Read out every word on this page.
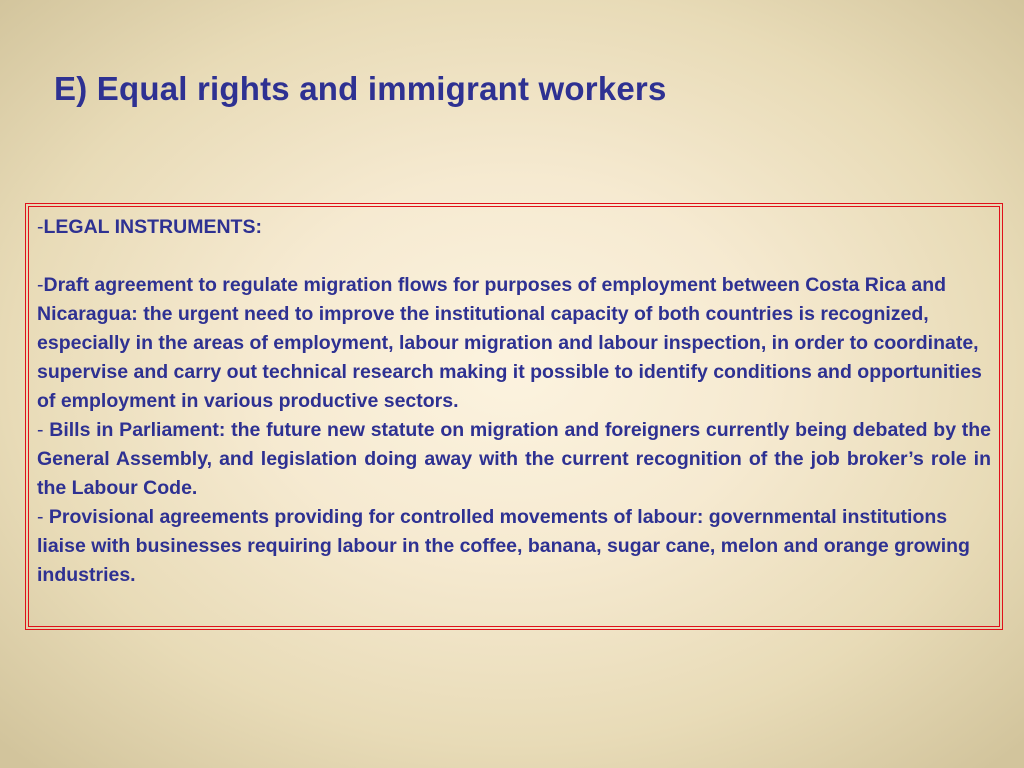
E) Equal rights and immigrant workers

-LEGAL INSTRUMENTS:

-Draft agreement to regulate migration flows for purposes of employment between Costa Rica and Nicaragua: the urgent need to improve the institutional capacity of both countries is recognized, especially in the areas of employment, labour migration and labour inspection, in order to coordinate, supervise and carry out technical research making it possible to identify conditions and opportunities of employment in various productive sectors.

- Bills in Parliament: the future new statute on migration and foreigners currently being debated by the General Assembly, and legislation doing away with the current recognition of the job broker’s role in the Labour Code.

- Provisional agreements providing for controlled movements of labour: governmental institutions liaise with businesses requiring labour in the coffee, banana, sugar cane, melon and orange growing industries.
